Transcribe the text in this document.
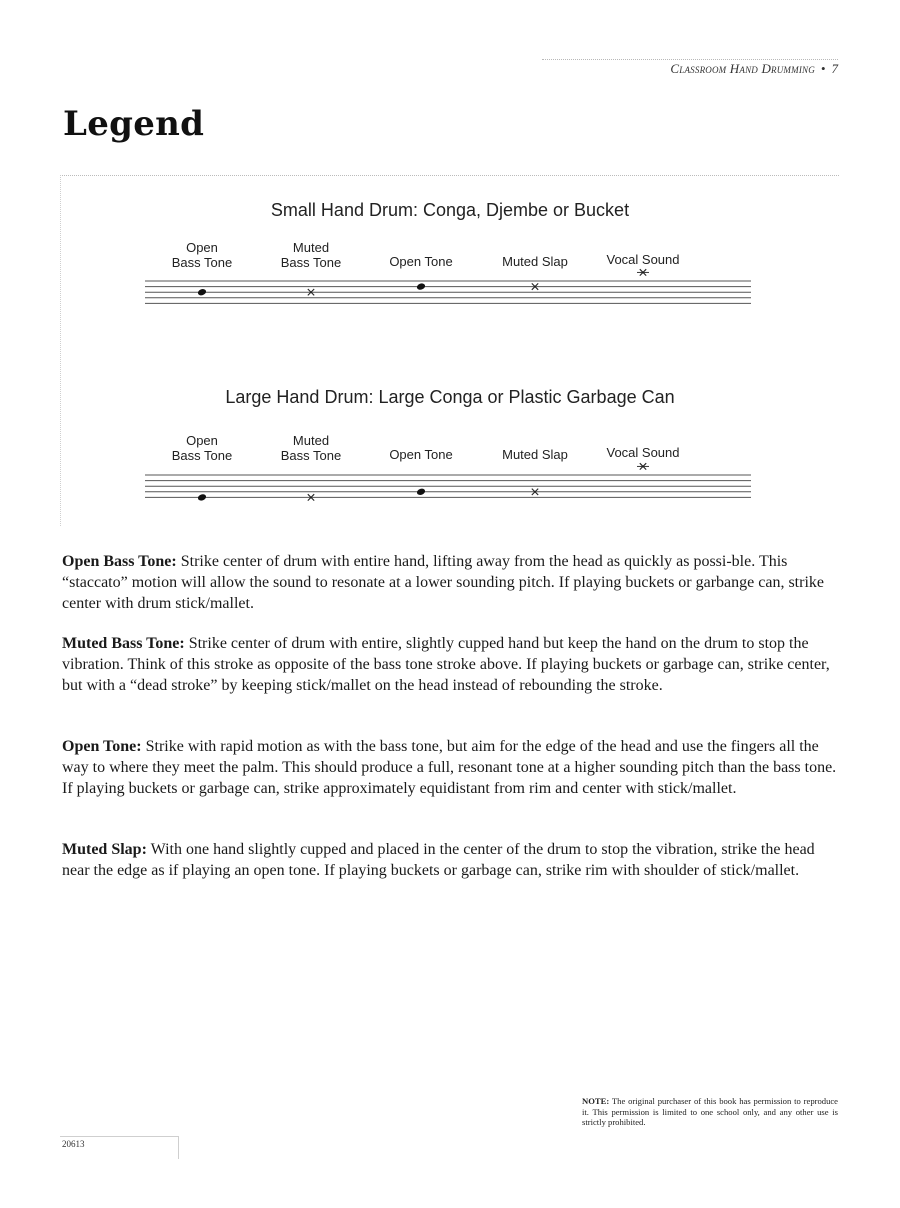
Classroom Hand Drumming • 7
Legend
Small Hand Drum: Conga, Djembe or Bucket
Open
Bass Tone
Muted
Bass Tone	Open Tone	Muted Slap	Vocal Sound
Large Hand Drum: Large Conga or Plastic Garbage Can
Open
Bass Tone
Muted
Bass Tone	Open Tone	Muted Slap	Vocal Sound

Open Bass Tone: Strike center of drum with entire hand, lifting away from the head as quickly as possi-ble. This “staccato” motion will allow the sound to resonate at a lower sounding pitch. If playing buckets or garbange can, strike center with drum stick/mallet.

Muted Bass Tone: Strike center of drum with entire, slightly cupped hand but keep the hand on the drum to stop the vibration. Think of this stroke as opposite of the bass tone stroke above. If playing buckets or garbage can, strike center, but with a “dead stroke” by keeping stick/mallet on the head instead of rebounding the stroke.

Open Tone: Strike with rapid motion as with the bass tone, but aim for the edge of the head and use the fingers all the way to where they meet the palm. This should produce a full, resonant tone at a higher sounding pitch than the bass tone. If playing buckets or garbage can, strike approximately equidistant from rim and center with stick/mallet.

Muted Slap: With one hand slightly cupped and placed in the center of the drum to stop the vibration, strike the head near the edge as if playing an open tone. If playing buckets or garbage can, strike rim with shoulder of stick/mallet.

NOTE: The original purchaser of this book has permission to reproduce it. This permission is limited to one school only, and any other use is strictly prohibited.

20613
